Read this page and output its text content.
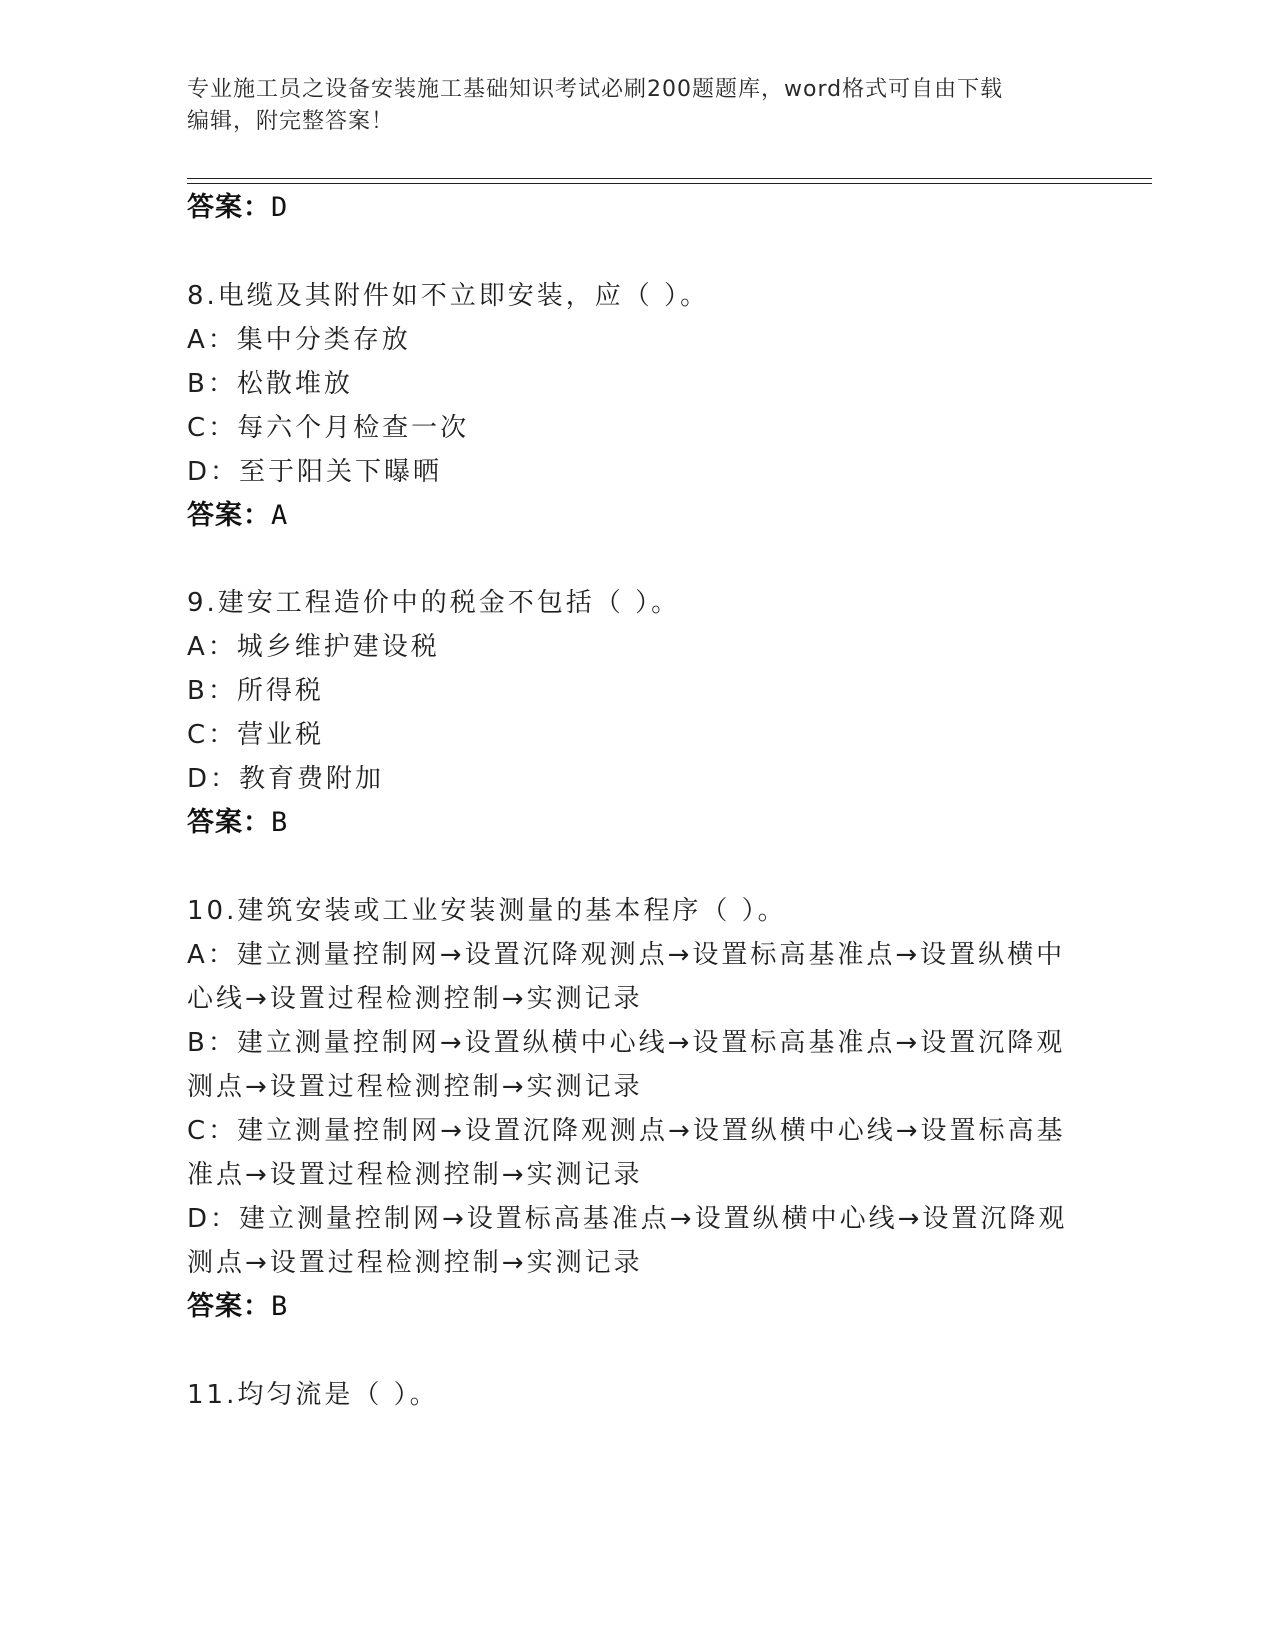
专业施工员之设备安装施工基础知识考试必刷200题题库，word格式可自由下载
编辑，附完整答案！
答案：D
8.电缆及其附件如不立即安装，应（ ）。
A：集中分类存放
B：松散堆放
C：每六个月检查一次
D：至于阳关下曝晒
答案：A
9.建安工程造价中的税金不包括（ ）。
A：城乡维护建设税
B：所得税
C：营业税
D：教育费附加
答案：B
10.建筑安装或工业安装测量的基本程序（ ）。
A：建立测量控制网→设置沉降观测点→设置标高基准点→设置纵横中
心线→设置过程检测控制→实测记录
B：建立测量控制网→设置纵横中心线→设置标高基准点→设置沉降观
测点→设置过程检测控制→实测记录
C：建立测量控制网→设置沉降观测点→设置纵横中心线→设置标高基
准点→设置过程检测控制→实测记录
D：建立测量控制网→设置标高基准点→设置纵横中心线→设置沉降观
测点→设置过程检测控制→实测记录
答案：B
11.均匀流是（ ）。
